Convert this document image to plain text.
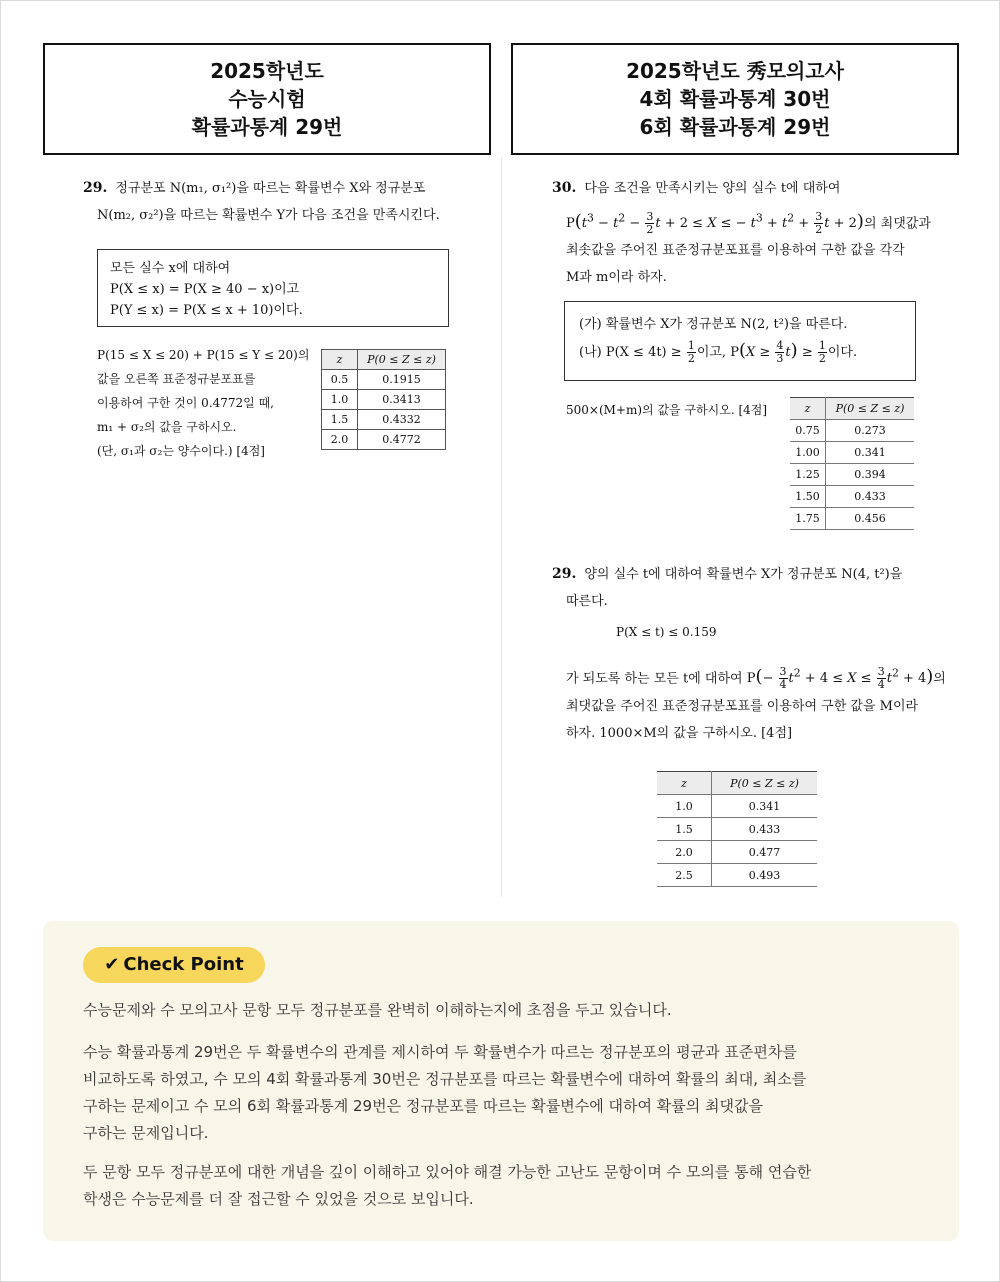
2025학년도
수능시험
확률과통계 29번
2025학년도 秀모의고사
4회 확률과통계 30번
6회 확률과통계 29번
29. 정규분포 N(m₁, σ₁²)을 따르는 확률변수 X와 정규분포
N(m₂, σ₂²)을 따르는 확률변수 Y가 다음 조건을 만족시킨다.
모든 실수 x에 대하여
P(X ≤ x) = P(X ≥ 40 − x)이고
P(Y ≤ x) = P(X ≤ x + 10)이다.
P(15 ≤ X ≤ 20) + P(15 ≤ Y ≤ 20)의
값을 오른쪽 표준정규분포표를
이용하여 구한 것이 0.4772일 때,
m₁ + σ₂의 값을 구하시오.
(단, σ₁과 σ₂는 양수이다.) [4점]
z	P(0 ≤ Z ≤ z)
0.5	0.1915
1.0	0.3413
1.5	0.4332
2.0	0.4772
30. 다음 조건을 만족시키는 양의 실수 t에 대하여
$P(t^3 - t^2 - \frac{3}{2}$ t + 2 ≤ X ≤ − $t^3 + t^2 + \frac{3}{2}$ t + 2)의 최댓값과
최솟값을 주어진 표준정규분포표를 이용하여 구한 값을 각각
M과 m이라 하자.
(가) 확률변수 X가 정규분포 N(2, t²)을 따른다.
(나) $P(X \le 4t) \ge \frac{1}{2}$ 이고, $P(X \ge \frac{4}{3} t) \ge \frac{1}{2}$ 이다.
500×(M+m)의 값을 구하시오. [4점]	z	P(0 ≤ Z ≤ z)
0.75	0.273
1.00	0.341
1.25	0.394
1.50	0.433
1.75	0.456
29. 양의 실수 t에 대하여 확률변수 X가 정규분포 N(4, t²)을
따른다.
P(X ≤ t) ≤ 0.159
가 되도록 하는 모든 t에 대하여 $P(- \frac{3}{4} t^2 + 4 \le X \le \frac{3}{4} t^2 + 4)$의
최댓값을 주어진 표준정규분포표를 이용하여 구한 값을 M이라
하자. 1000×M의 값을 구하시오. [4점]
z	P(0 ≤ Z ≤ z)
1.0	0.341
1.5	0.433
2.0	0.477
2.5	0.493
✔ Check Point
수능문제와 수 모의고사 문항 모두 정규분포를 완벽히 이해하는지에 초점을 두고 있습니다.
수능 확률과통계 29번은 두 확률변수의 관계를 제시하여 두 확률변수가 따르는 정규분포의 평균과 표준편차를
비교하도록 하였고, 수 모의 4회 확률과통계 30번은 정규분포를 따르는 확률변수에 대하여 확률의 최대, 최소를
구하는 문제이고 수 모의 6회 확률과통계 29번은 정규분포를 따르는 확률변수에 대하여 확률의 최댓값을
구하는 문제입니다.
두 문항 모두 정규분포에 대한 개념을 깊이 이해하고 있어야 해결 가능한 고난도 문항이며 수 모의를 통해 연습한
학생은 수능문제를 더 잘 접근할 수 있었을 것으로 보입니다.
